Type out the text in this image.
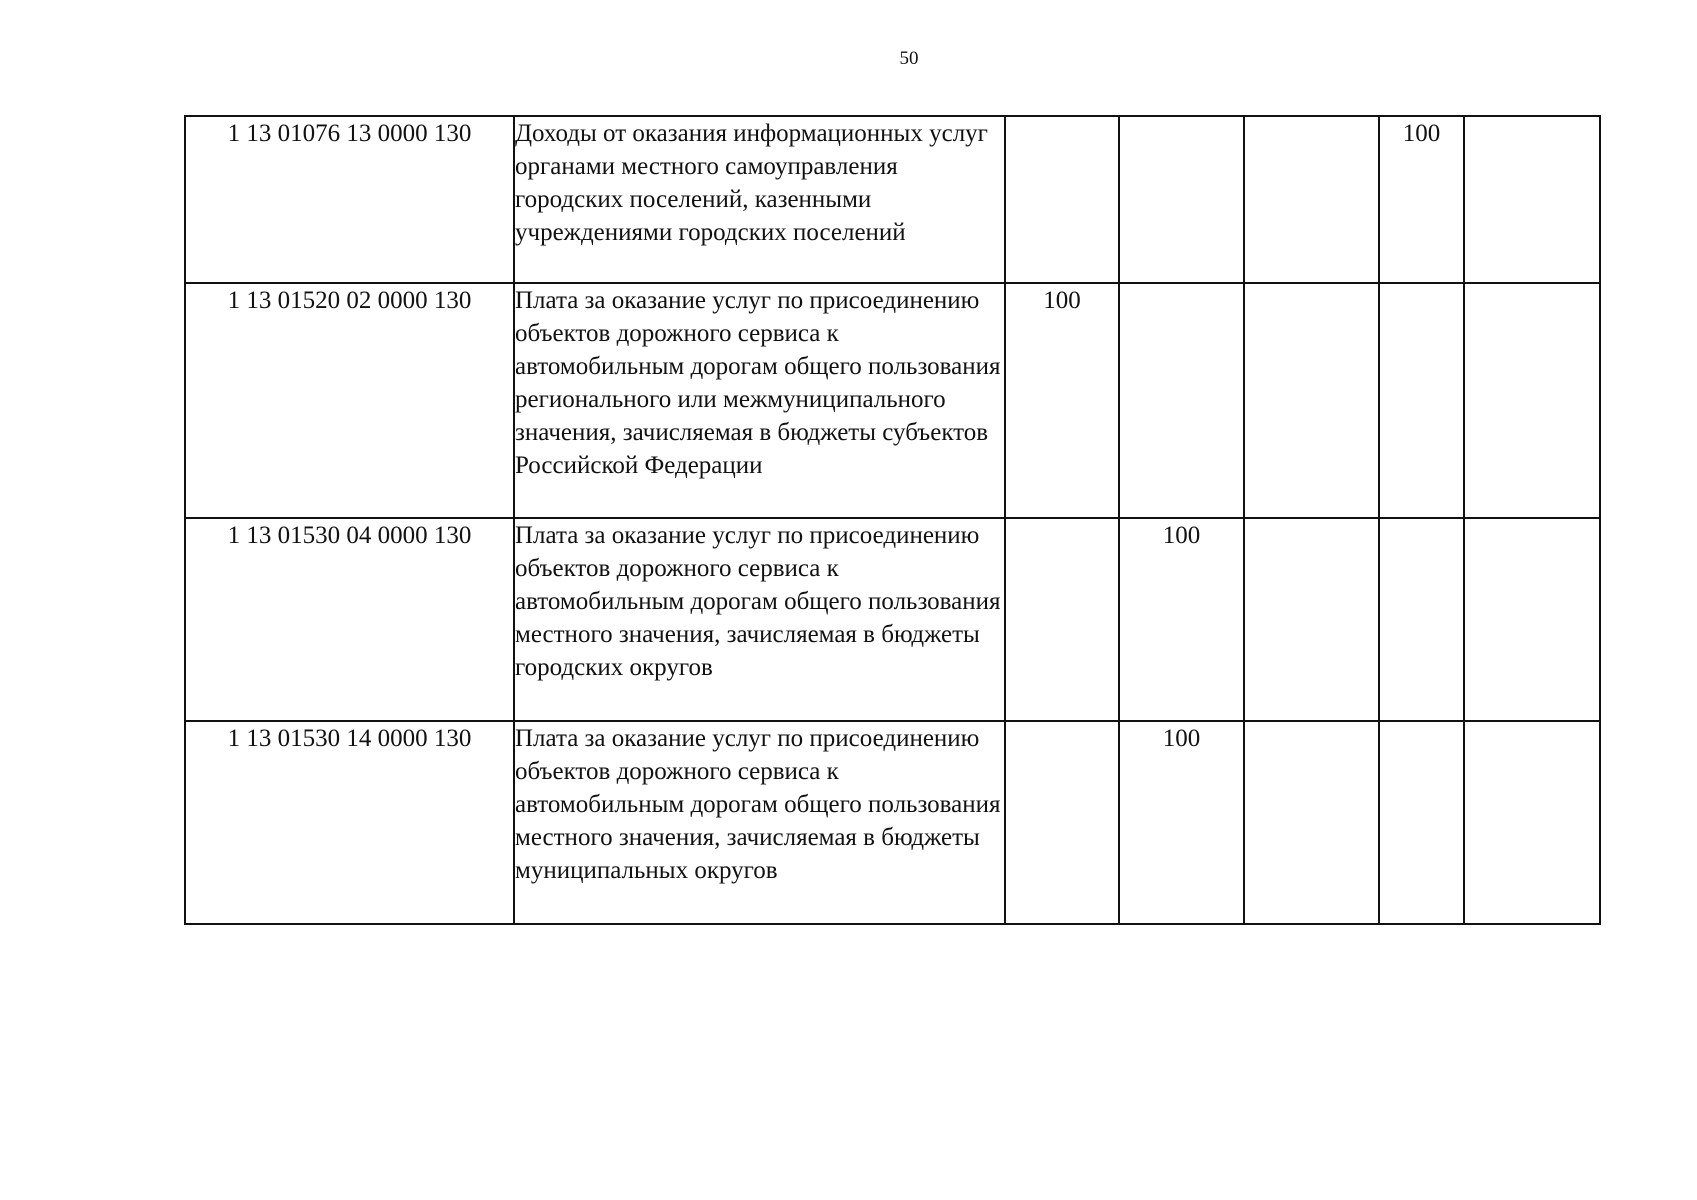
50
1 13 01076 13 0000 130	Доходы от оказания информационных услуг органами местного самоуправления городских поселений, казенными учреждениями городских поселений				100	
1 13 01520 02 0000 130	Плата за оказание услуг по присоединению объектов дорожного сервиса к автомобильным дорогам общего пользования регионального или межмуниципального значения, зачисляемая в бюджеты субъектов Российской Федерации	100				
1 13 01530 04 0000 130	Плата за оказание услуг по присоединению объектов дорожного сервиса к автомобильным дорогам общего пользования местного значения, зачисляемая в бюджеты городских округов		100			
1 13 01530 14 0000 130	Плата за оказание услуг по присоединению объектов дорожного сервиса к автомобильным дорогам общего пользования местного значения, зачисляемая в бюджеты муниципальных округов		100			
